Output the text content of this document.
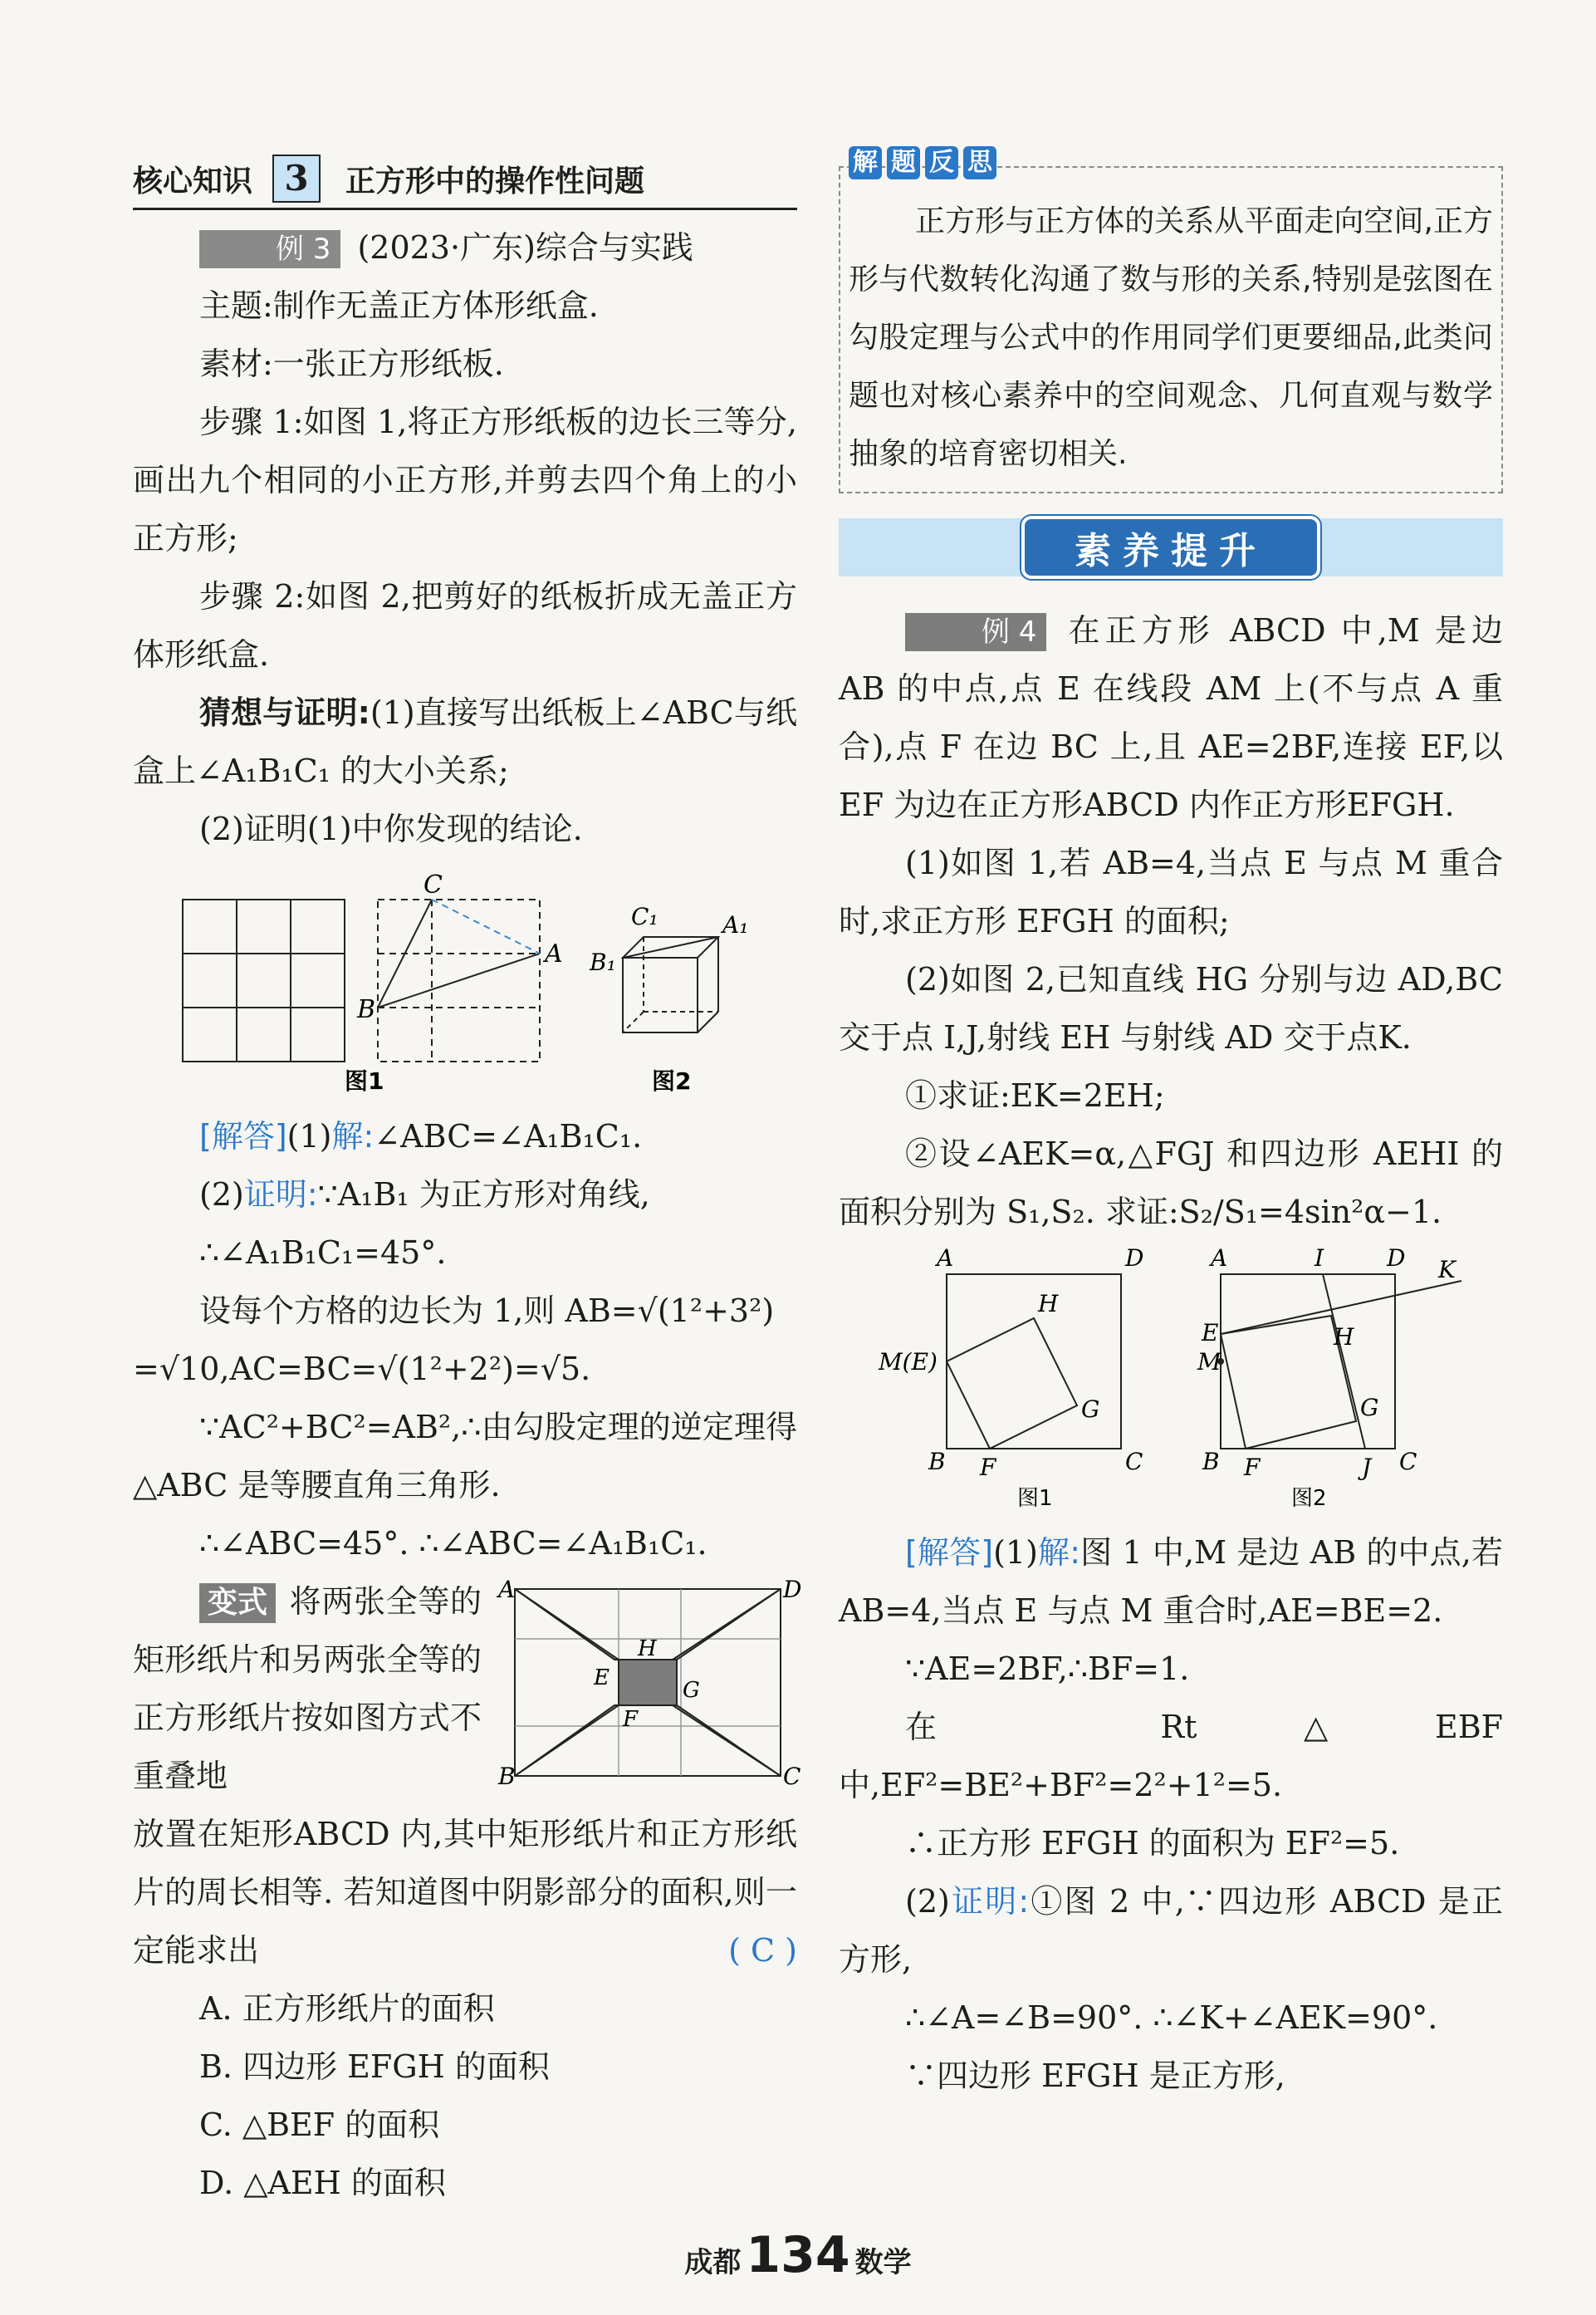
核心知识 3	正方形中的操作性问题

例 3 (2023·广东)综合与实践

主题:制作无盖正方体形纸盒.

素材:一张正方形纸板.

步骤 1:如图 1,将正方形纸板的边长三等分,画出九个相同的小正方形,并剪去四个角上的小正方形;

步骤 2:如图 2,把剪好的纸板折成无盖正方体形纸盒.

猜想与证明:(1)直接写出纸板上∠ABC与纸盒上∠A₁B₁C₁ 的大小关系;

(2)证明(1)中你发现的结论.

C
A
B
C₁	A₁
B₁
图1	图2

[解答](1)解:∠ABC=∠A₁B₁C₁.

(2)证明:∵A₁B₁ 为正方形对角线,

∴∠A₁B₁C₁=45°.

设每个方格的边长为 1,则 AB=√(1²+3²)

=√10,AC=BC=√(1²+2²)=√5.

∵AC²+BC²=AB²,∴由勾股定理的逆定理得△ABC 是等腰直角三角形.

∴∠ABC=45°. ∴∠ABC=∠A₁B₁C₁.

变式 将两张全等的矩形纸片和另两张全等的正方形纸片按如图方式不重叠地

A	D
B	C
E
H
F
G

放置在矩形ABCD 内,其中矩形纸片和正方形纸片的周长相等. 若知道图中阴影部分的面积,则一定能求出	( C )

A. 正方形纸片的面积

B. 四边形 EFGH 的面积

C. △BEF 的面积

D. △AEH 的面积

解 题 反 思

正方形与正方体的关系从平面走向空间,正方形与代数转化沟通了数与形的关系,特别是弦图在勾股定理与公式中的作用同学们更要细品,此类问题也对核心素养中的空间观念、几何直观与数学抽象的培育密切相关.

素养提升

例 4 在正方形 ABCD 中,M 是边 AB 的中点,点 E 在线段 AM 上(不与点 A 重合),点 F 在边 BC 上,且 AE=2BF,连接 EF,以 EF 为边在正方形ABCD 内作正方形EFGH.

(1)如图 1,若 AB=4,当点 E 与点 M 重合时,求正方形 EFGH 的面积;

(2)如图 2,已知直线 HG 分别与边 AD,BC 交于点 I,J,射线 EH 与射线 AD 交于点K.

①求证:EK=2EH;

②设∠AEK=α,△FGJ 和四边形 AEHI 的面积分别为 S₁,S₂. 求证:S₂/S₁=4sin²α−1.

A	D
B	C
M(E)
H
F
G
图1
A	I	D K
E
M
H
G
B F	J C
图2

[解答](1)解:图 1 中,M 是边 AB 的中点,若 AB=4,当点 E 与点 M 重合时,AE=BE=2.

∵AE=2BF,∴BF=1.

在 Rt△EBF 中,EF²=BE²+BF²=2²+1²=5.

∴正方形 EFGH 的面积为 EF²=5.

(2)证明:①图 2 中,∵四边形 ABCD 是正方形,

∴∠A=∠B=90°. ∴∠K+∠AEK=90°.

∵四边形 EFGH 是正方形,

成都 134 数学
